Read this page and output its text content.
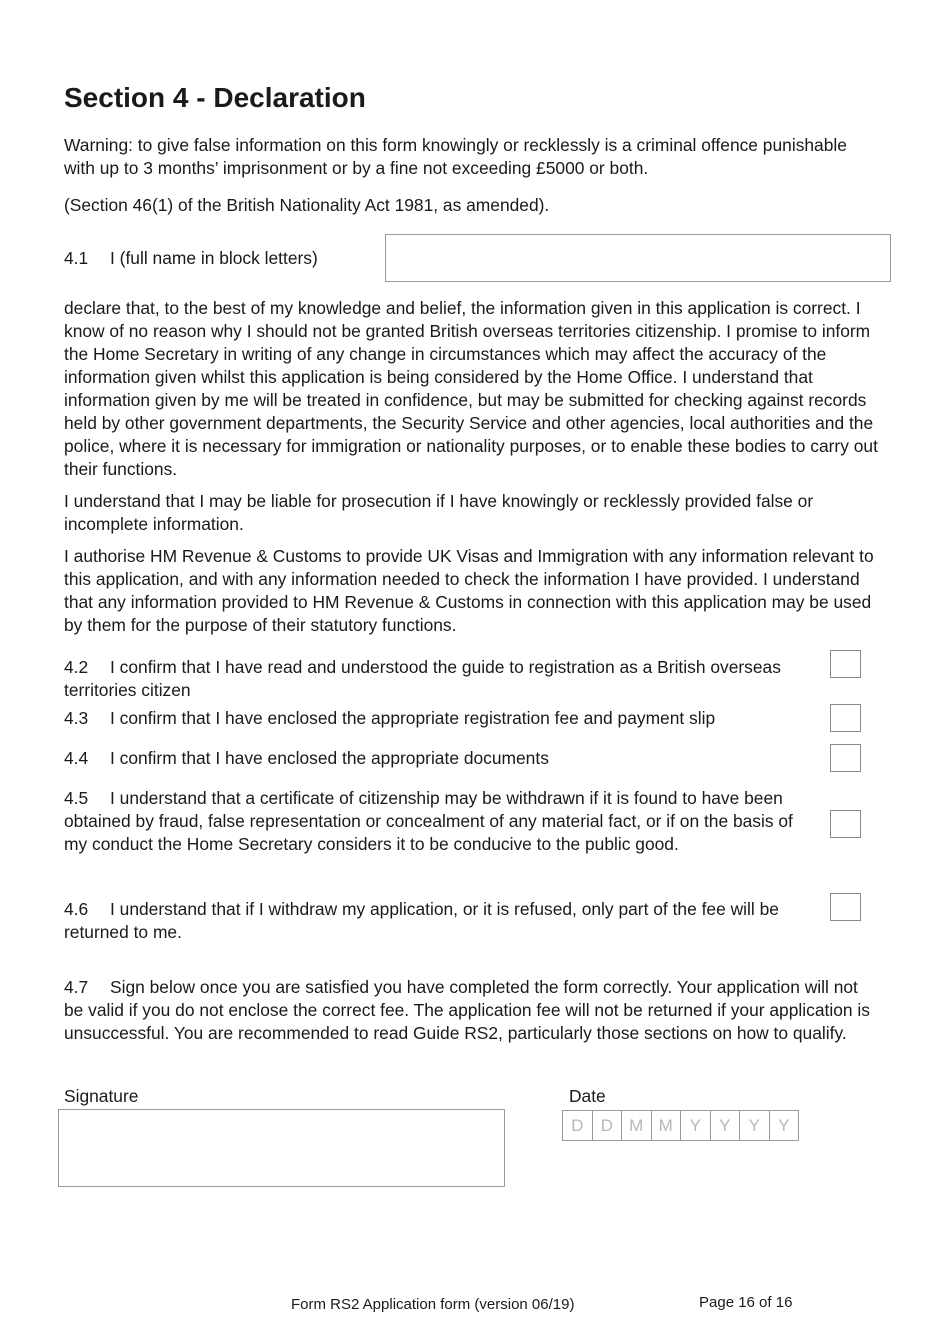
Section 4 - Declaration

Warning: to give false information on this form knowingly or recklessly is a criminal offence punishable with up to 3 months’ imprisonment or by a fine not exceeding £5000 or both.

(Section 46(1) of the British Nationality Act 1981, as amended).

4.1 I (full name in block letters)

declare that, to the best of my knowledge and belief, the information given in this application is correct. I know of no reason why I should not be granted British overseas territories citizenship. I promise to inform the Home Secretary in writing of any change in circumstances which may affect the accuracy of the information given whilst this application is being considered by the Home Office. I understand that information given by me will be treated in confidence, but may be submitted for checking against records held by other government departments, the Security Service and other agencies, local authorities and the police, where it is necessary for immigration or nationality purposes, or to enable these bodies to carry out their functions.

I understand that I may be liable for prosecution if I have knowingly or recklessly provided false or incomplete information.

I authorise HM Revenue & Customs to provide UK Visas and Immigration with any information relevant to this application, and with any information needed to check the information I have provided. I understand that any information provided to HM Revenue & Customs in connection with this application may be used by them for the purpose of their statutory functions.

4.2 I confirm that I have read and understood the guide to registration as a British overseas territories citizen

4.3 I confirm that I have enclosed the appropriate registration fee and payment slip

4.4 I confirm that I have enclosed the appropriate documents

4.5 I understand that a certificate of citizenship may be withdrawn if it is found to have been obtained by fraud, false representation or concealment of any material fact, or if on the basis of my conduct the Home Secretary considers it to be conducive to the public good.

4.6 I understand that if I withdraw my application, or it is refused, only part of the fee will be returned to me.

4.7 Sign below once you are satisfied you have completed the form correctly. Your application will not be valid if you do not enclose the correct fee. The application fee will not be returned if your application is unsuccessful. You are recommended to read Guide RS2, particularly those sections on how to qualify.

Signature	Date
D	D M M Y	Y	Y	Y
Form RS2 Application form (version 06/19)	Page 16 of 16
